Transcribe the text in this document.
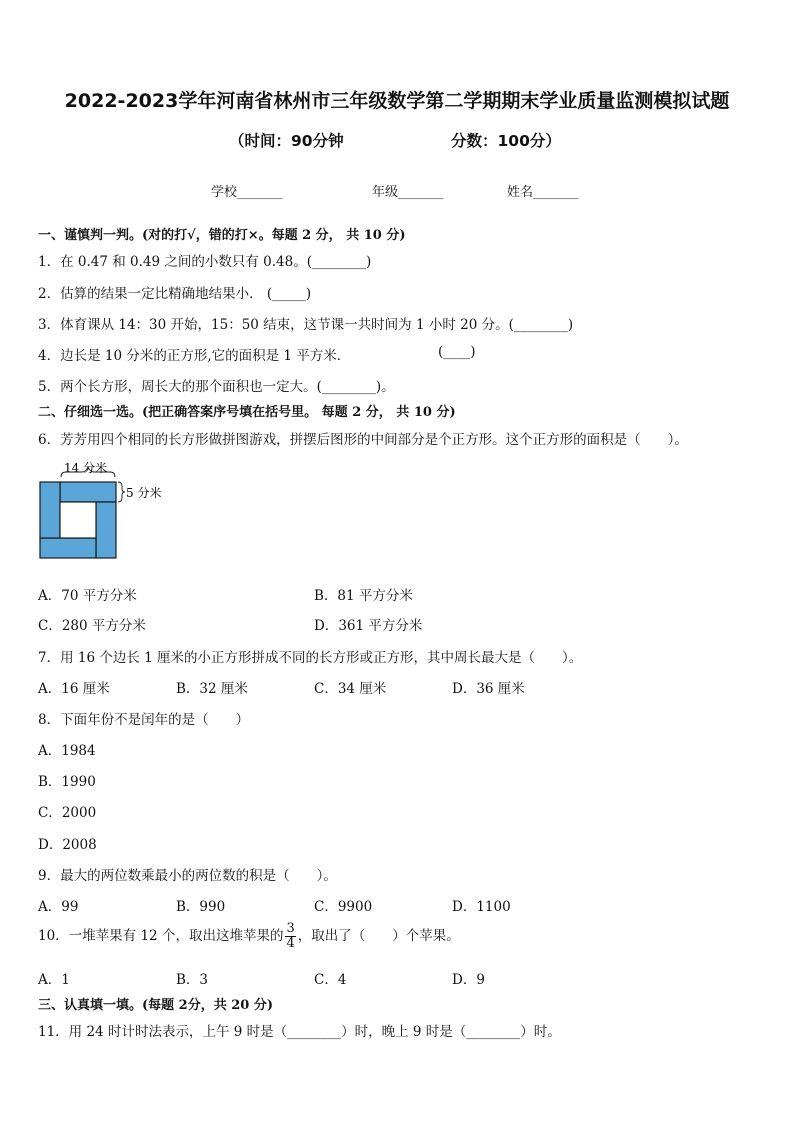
2022-2023学年河南省林州市三年级数学第二学期期末学业质量监测模拟试题
（时间：90分钟	分数：100分）
学校_______	年级_______	姓名_______
一、谨慎判一判。(对的打√，错的打×。每题 2 分， 共 10 分)
1．在 0.47 和 0.49 之间的小数只有 0.48。(________)
2．估算的结果一定比精确地结果小． (_____)
3．体育课从 14：30 开始，15：50 结束，这节课一共时间为 1 小时 20 分。(________)
4．边长是 10 分米的正方形,它的面积是 1 平方米．	(____)
5．两个长方形，周长大的那个面积也一定大。(________)。
二、仔细选一选。(把正确答案序号填在括号里。 每题 2 分， 共 10 分)
6．芳芳用四个相同的长方形做拼图游戏，拼摆后图形的中间部分是个正方形。这个正方形的面积是（　　）。
14 分米
5 分米
A．70 平方分米	B．81 平方分米
C．280 平方分米	D．361 平方分米
7．用 16 个边长 1 厘米的小正方形拼成不同的长方形或正方形，其中周长最大是（　　）。
A．16 厘米	B．32 厘米	C．34 厘米	D．36 厘米
8．下面年份不是闰年的是（　　）
A．1984
B．1990
C．2000
D．2008
9．最大的两位数乘最小的两位数的积是（　　）。
A．99	B．990	C．9900	D．1100
10．一堆苹果有 12 个，取出这堆苹果的 $\frac{3}{4}$ ，取出了（　　）个苹果。
A．1	B．3	C．4	D．9
三、认真填一填。(每题 2分，共 20 分)
11．用 24 时计时法表示，上午 9 时是（________）时，晚上 9 时是（________）时。
